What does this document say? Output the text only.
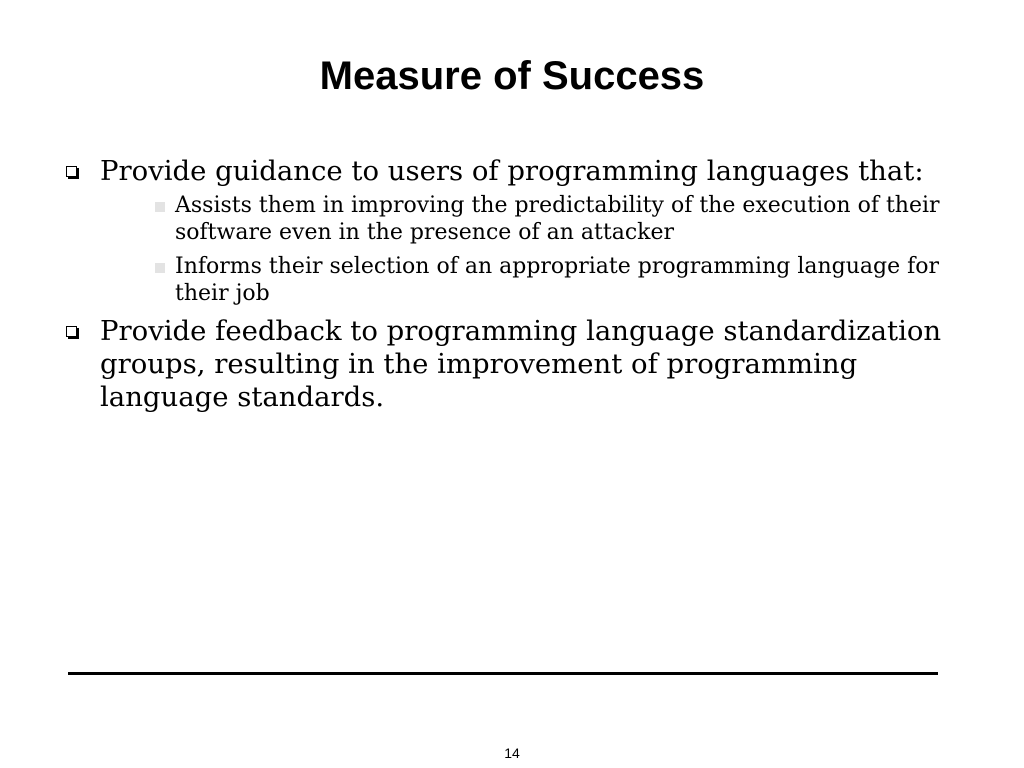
Measure of Success
Provide guidance to users of programming languages that:
Assists them in improving the predictability of the execution of their software even in the presence of an attacker
Informs their selection of an appropriate programming language for their job
Provide feedback to programming language standardization groups, resulting in the improvement of programming language standards.
14
